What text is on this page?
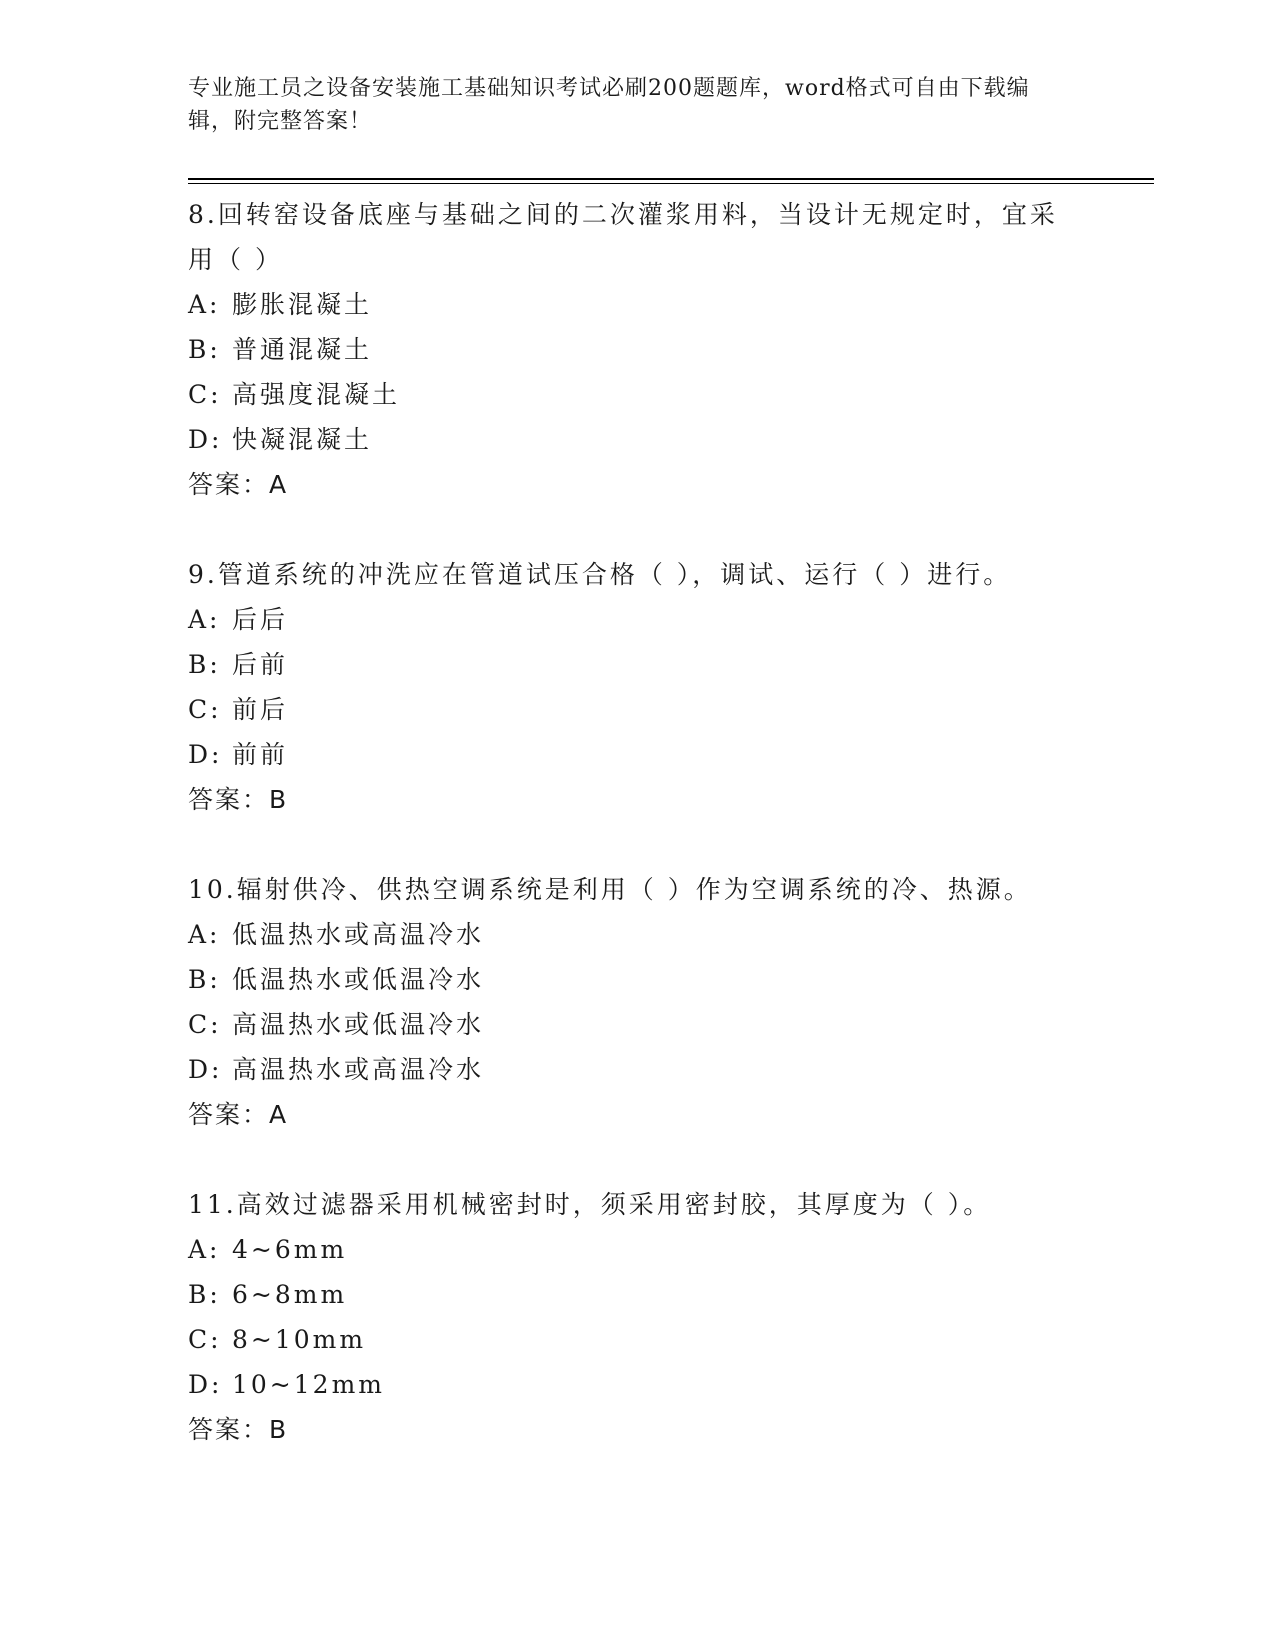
专业施工员之设备安装施工基础知识考试必刷200题题库，word格式可自由下载编辑，附完整答案！
8.回转窑设备底座与基础之间的二次灌浆用料，当设计无规定时，宜采用（ ）
A: 膨胀混凝土
B: 普通混凝土
C: 高强度混凝土
D: 快凝混凝土
答案：A
9.管道系统的冲洗应在管道试压合格（ ），调试、运行（ ）进行。
A: 后后
B: 后前
C: 前后
D: 前前
答案：B
10.辐射供冷、供热空调系统是利用（ ）作为空调系统的冷、热源。
A: 低温热水或高温冷水
B: 低温热水或低温冷水
C: 高温热水或低温冷水
D: 高温热水或高温冷水
答案：A
11.高效过滤器采用机械密封时，须采用密封胶，其厚度为（ ）。
A: 4~6mm
B: 6~8mm
C: 8~10mm
D: 10~12mm
答案：B
